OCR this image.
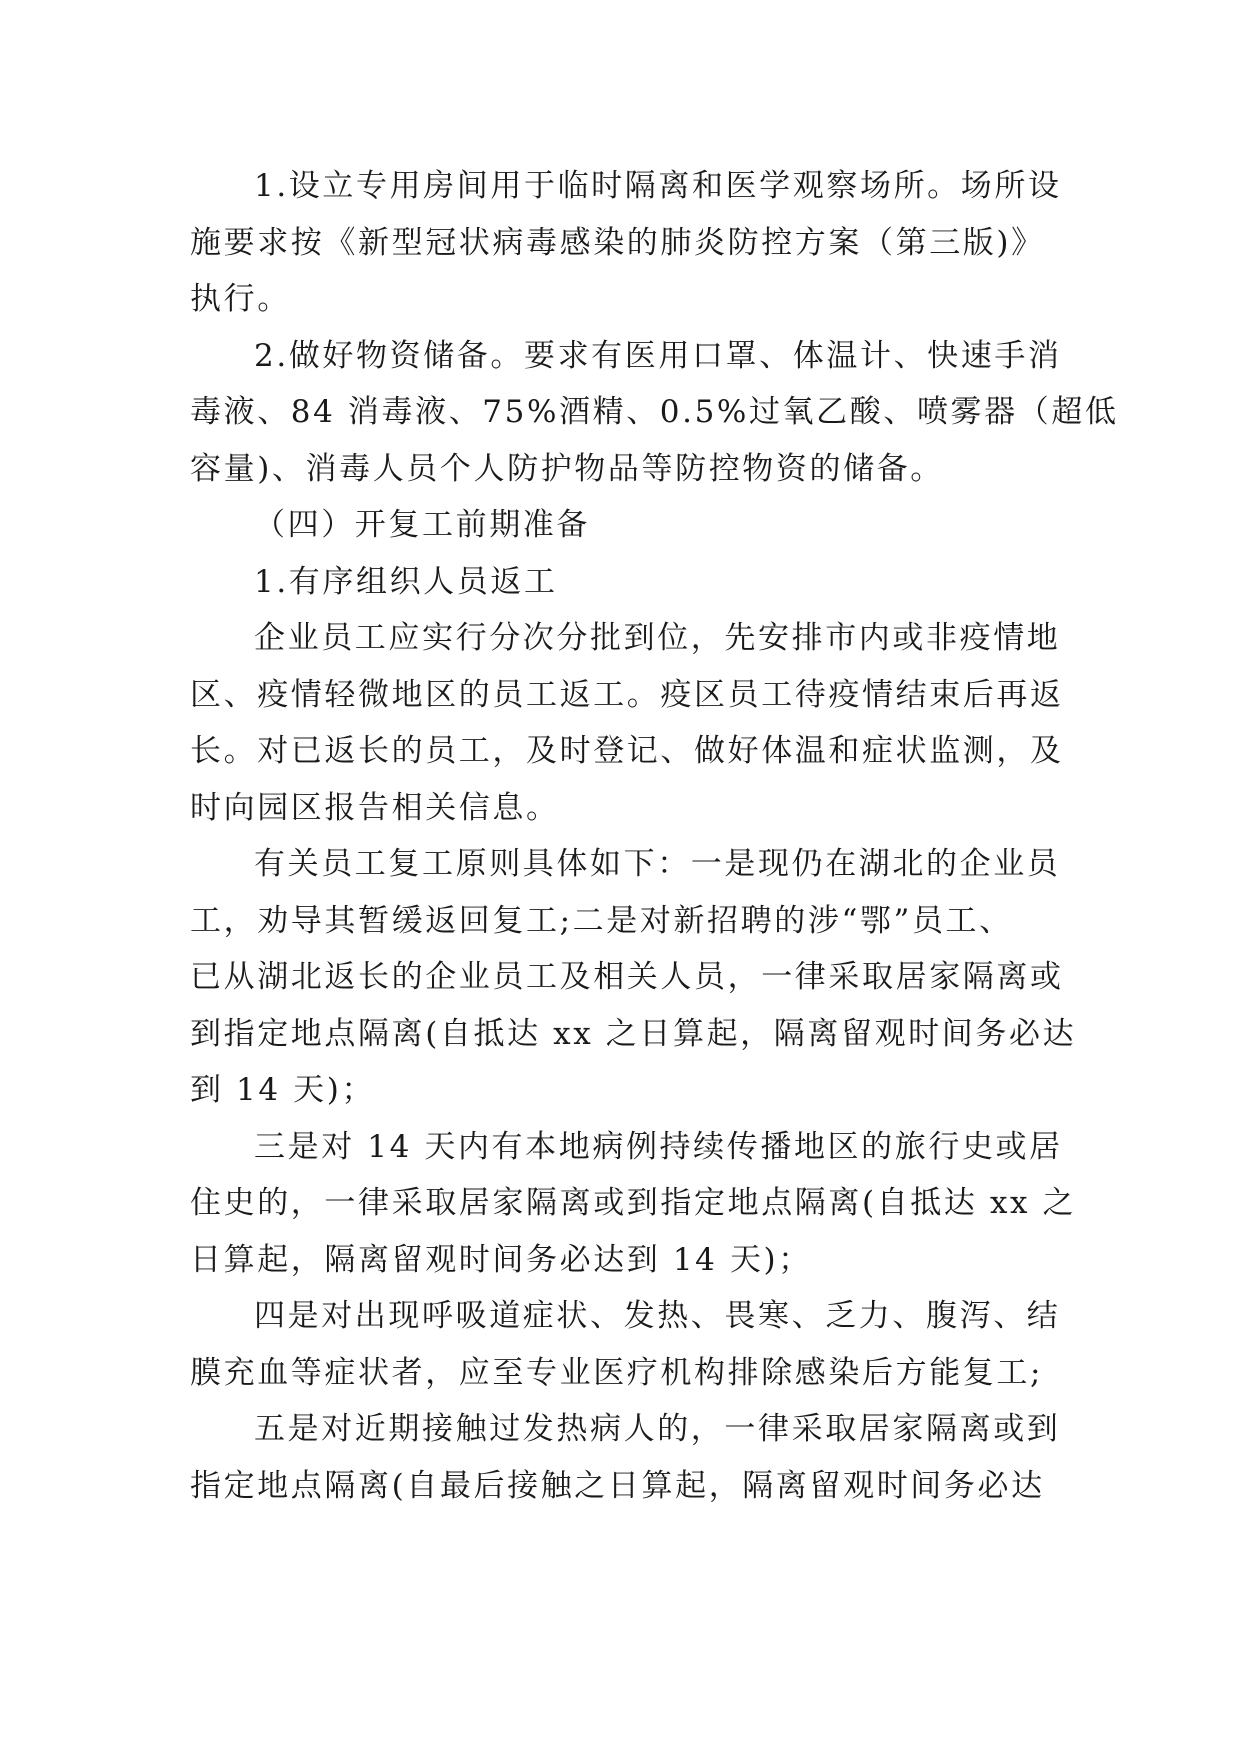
1.设立专用房间用于临时隔离和医学观察场所。场所设
施要求按《新型冠状病毒感染的肺炎防控方案（第三版)》
执行。
2.做好物资储备。要求有医用口罩、体温计、快速手消
毒液、84 消毒液、75%酒精、0.5%过氧乙酸、喷雾器（超低
容量)、消毒人员个人防护物品等防控物资的储备。
（四）开复工前期准备
1.有序组织人员返工
企业员工应实行分次分批到位，先安排市内或非疫情地
区、疫情轻微地区的员工返工。疫区员工待疫情结束后再返
长。对已返长的员工，及时登记、做好体温和症状监测，及
时向园区报告相关信息。
有关员工复工原则具体如下：一是现仍在湖北的企业员
工，劝导其暂缓返回复工;二是对新招聘的涉“鄂”员工、
已从湖北返长的企业员工及相关人员，一律采取居家隔离或
到指定地点隔离(自抵达 xx 之日算起，隔离留观时间务必达
到 14 天)；
三是对 14 天内有本地病例持续传播地区的旅行史或居
住史的，一律采取居家隔离或到指定地点隔离(自抵达 xx 之
日算起，隔离留观时间务必达到 14 天)；
四是对出现呼吸道症状、发热、畏寒、乏力、腹泻、结
膜充血等症状者，应至专业医疗机构排除感染后方能复工;
五是对近期接触过发热病人的，一律采取居家隔离或到
指定地点隔离(自最后接触之日算起，隔离留观时间务必达
